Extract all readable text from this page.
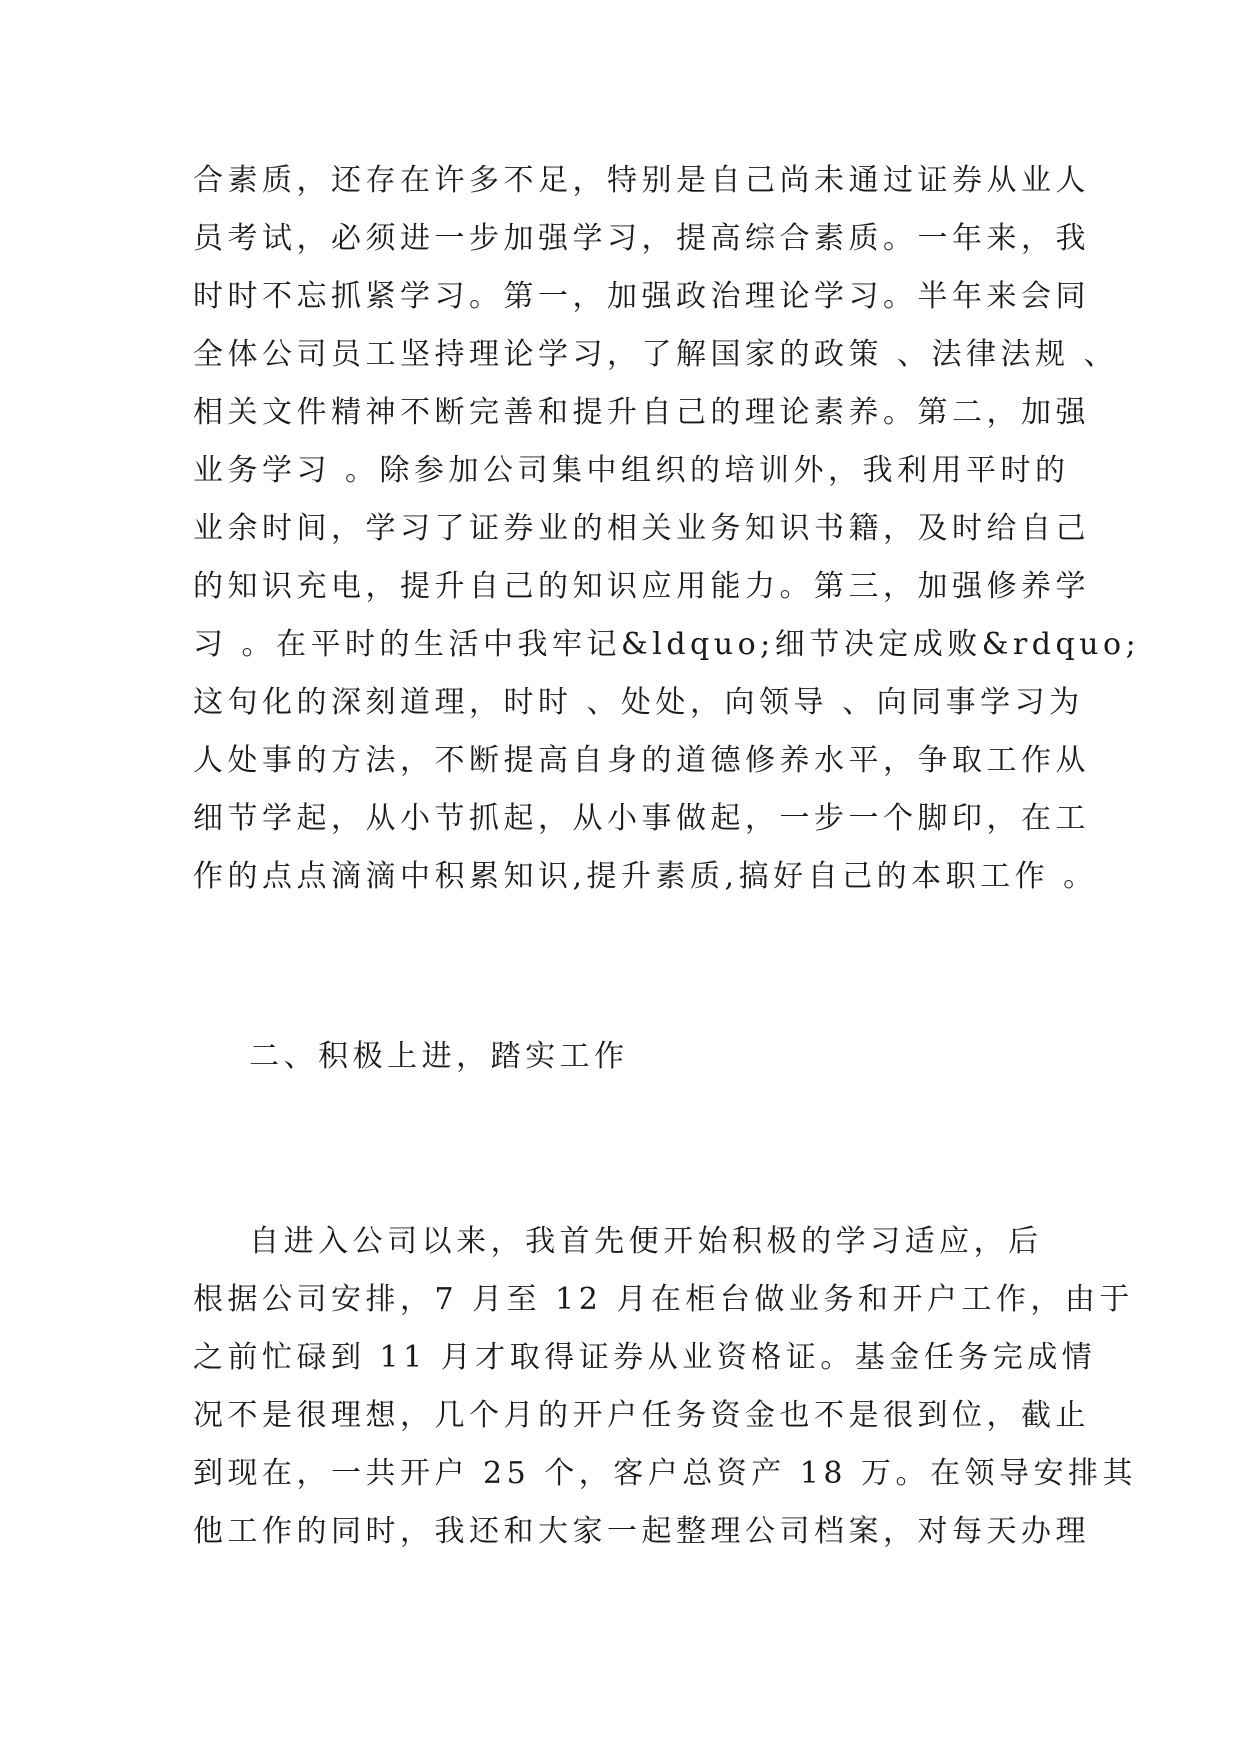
合素质，还存在许多不足，特别是自己尚未通过证券从业人
员考试，必须进一步加强学习，提高综合素质。一年来，我
时时不忘抓紧学习。第一，加强政治理论学习。半年来会同
全体公司员工坚持理论学习，了解国家的政策 、法律法规 、
相关文件精神不断完善和提升自己的理论素养。第二，加强
业务学习 。除参加公司集中组织的培训外，我利用平时的
业余时间，学习了证券业的相关业务知识书籍，及时给自己
的知识充电，提升自己的知识应用能力。第三，加强修养学
习 。在平时的生活中我牢记&ldquo;细节决定成败&rdquo;
这句化的深刻道理，时时 、处处，向领导 、向同事学习为
人处事的方法，不断提高自身的道德修养水平，争取工作从
细节学起，从小节抓起，从小事做起，一步一个脚印，在工
作的点点滴滴中积累知识,提升素质,搞好自己的本职工作 。
二、积极上进，踏实工作
自进入公司以来，我首先便开始积极的学习适应，后
根据公司安排，7 月至 12 月在柜台做业务和开户工作，由于
之前忙碌到 11 月才取得证券从业资格证。基金任务完成情
况不是很理想，几个月的开户任务资金也不是很到位，截止
到现在，一共开户 25 个，客户总资产 18 万。在领导安排其
他工作的同时，我还和大家一起整理公司档案，对每天办理
